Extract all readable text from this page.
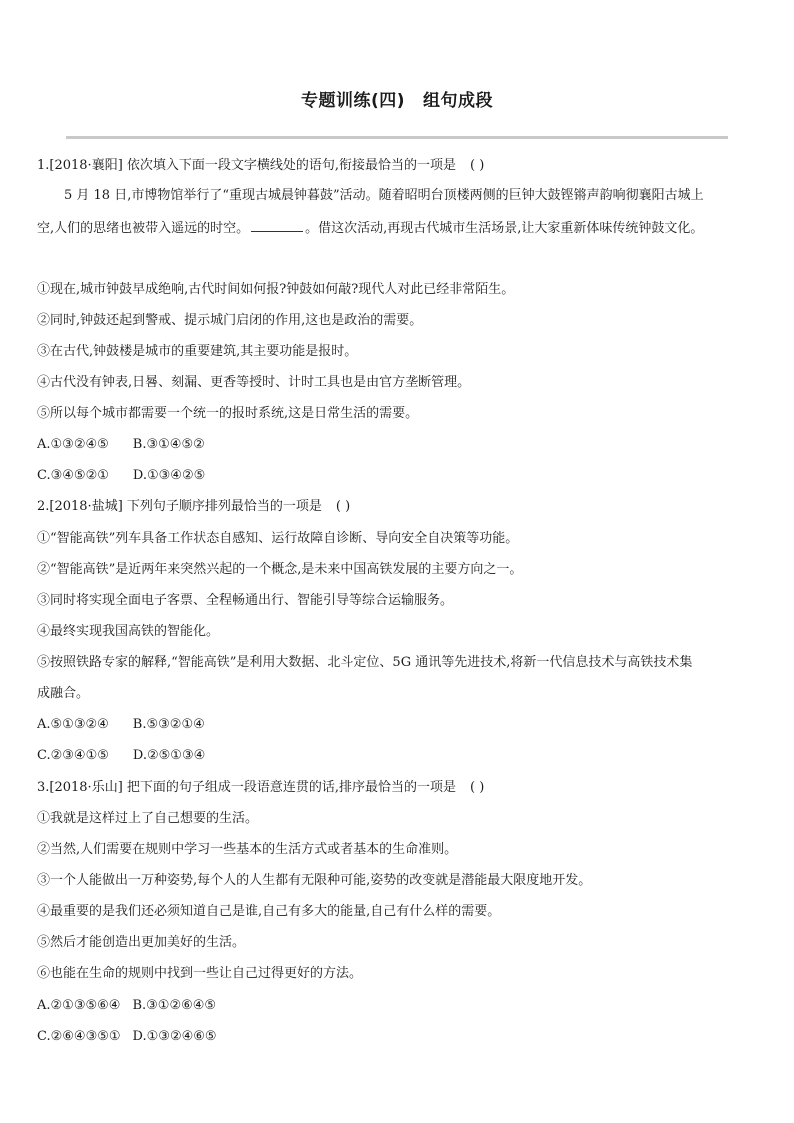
专题训练(四) 组句成段
1.[2018·襄阳] 依次填入下面一段文字横线处的语句,衔接最恰当的一项是 ( )
5 月 18 日,市博物馆举行了“重现古城晨钟暮鼓”活动。随着昭明台顶楼两侧的巨钟大鼓铿锵声韵响彻襄阳古城上
空,人们的思绪也被带入遥远的时空。	。借这次活动,再现古代城市生活场景,让大家重新体味传统钟鼓文化。
①现在,城市钟鼓早成绝响,古代时间如何报?钟鼓如何敲?现代人对此已经非常陌生。
②同时,钟鼓还起到警戒、提示城门启闭的作用,这也是政治的需要。
③在古代,钟鼓楼是城市的重要建筑,其主要功能是报时。
④古代没有钟表,日晷、刻漏、更香等授时、计时工具也是由官方垄断管理。
⑤所以每个城市都需要一个统一的报时系统,这是日常生活的需要。
A.①③②④⑤ B.③①④⑤②
C.③④⑤②① D.①③④②⑤
2.[2018·盐城] 下列句子顺序排列最恰当的一项是 ( )
①“智能高铁”列车具备工作状态自感知、运行故障自诊断、导向安全自决策等功能。
②“智能高铁”是近两年来突然兴起的一个概念,是未来中国高铁发展的主要方向之一。
③同时将实现全面电子客票、全程畅通出行、智能引导等综合运输服务。
④最终实现我国高铁的智能化。
⑤按照铁路专家的解释,“智能高铁”是利用大数据、北斗定位、5G 通讯等先进技术,将新一代信息技术与高铁技术集
成融合。
A.⑤①③②④ B.⑤③②①④
C.②③④①⑤ D.②⑤①③④
3.[2018·乐山] 把下面的句子组成一段语意连贯的话,排序最恰当的一项是 ( )
①我就是这样过上了自己想要的生活。
②当然,人们需要在规则中学习一些基本的生活方式或者基本的生命准则。
③一个人能做出一万种姿势,每个人的人生都有无限种可能,姿势的改变就是潜能最大限度地开发。
④最重要的是我们还必须知道自己是谁,自己有多大的能量,自己有什么样的需要。
⑤然后才能创造出更加美好的生活。
⑥也能在生命的规则中找到一些让自己过得更好的方法。
A.②①③⑤⑥④ B.③①②⑥④⑤
C.②⑥④③⑤① D.①③②④⑥⑤
